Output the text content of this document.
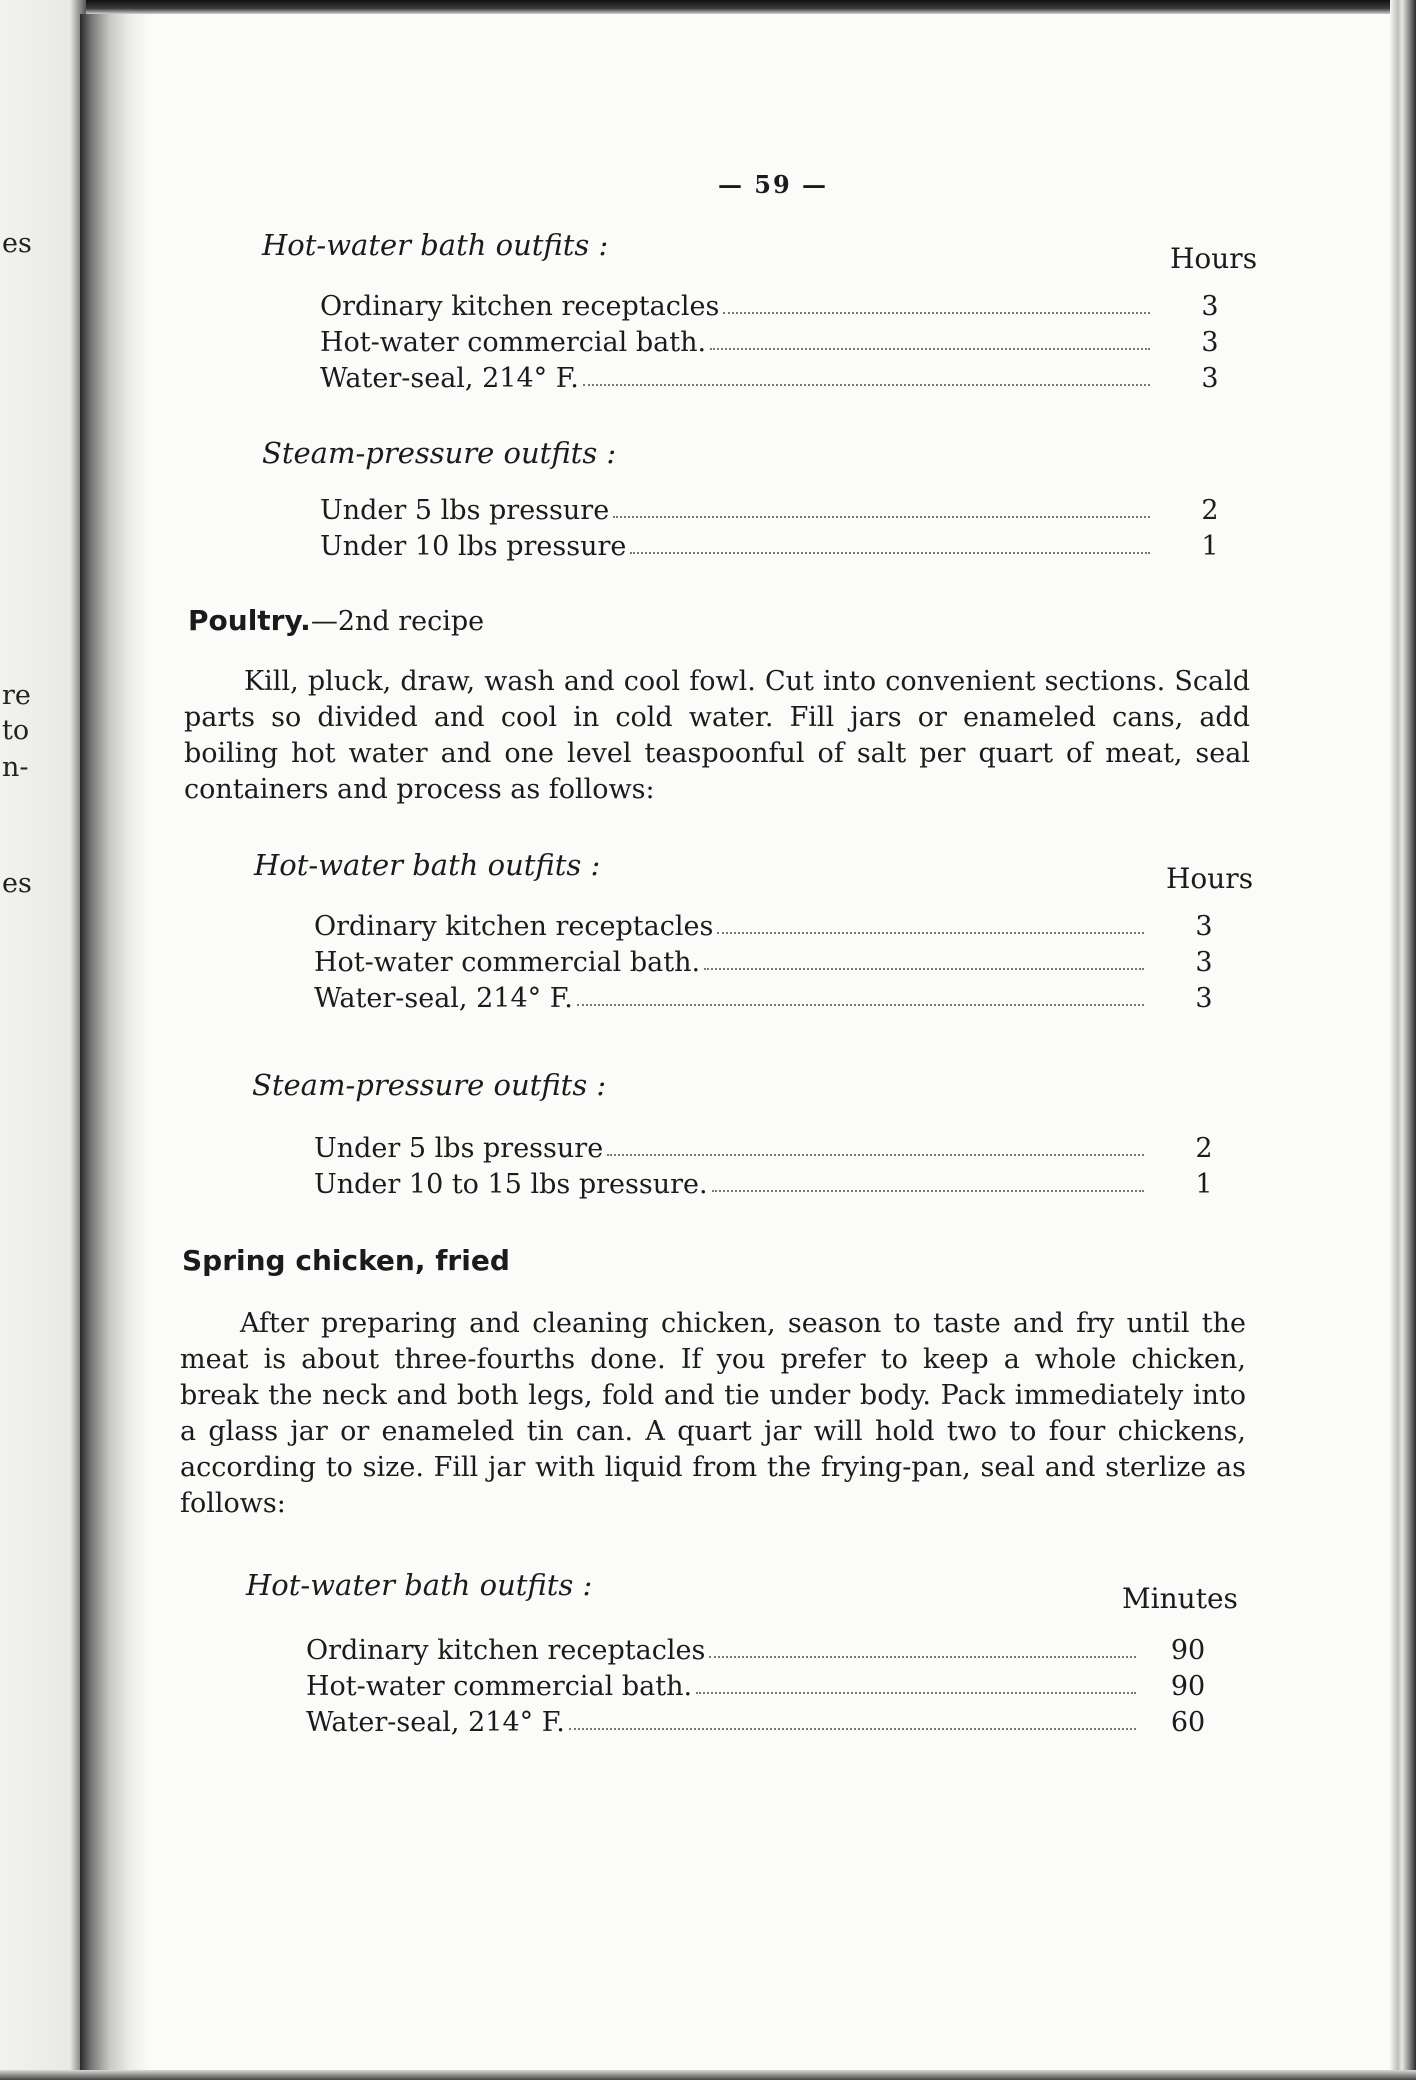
es
re
to
n-
es
— 59 —
Hot-water bath outfits :	Hours
Ordinary kitchen receptacles	3
Hot-water commercial bath.	3
Water-seal, 214° F.	3
Steam-pressure outfits :
Under 5 lbs pressure	2
Under 10 lbs pressure	1
Poultry.—2nd recipe

Kill, pluck, draw, wash and cool fowl. Cut into convenient sections. Scald parts so divided and cool in cold water. Fill jars or enameled cans, add boiling hot water and one level teaspoonful of salt per quart of meat, seal containers and process as follows:

Hot-water bath outfits :	Hours
Ordinary kitchen receptacles	3
Hot-water commercial bath.	3
Water-seal, 214° F.	3
Steam-pressure outfits :
Under 5 lbs pressure	2
Under 10 to 15 lbs pressure.	1
Spring chicken, fried

After preparing and cleaning chicken, season to taste and fry until the meat is about three-fourths done. If you prefer to keep a whole chicken, break the neck and both legs, fold and tie under body. Pack immediately into a glass jar or enameled tin can. A quart jar will hold two to four chickens, according to size. Fill jar with liquid from the frying-pan, seal and sterlize as follows:

Hot-water bath outfits :	Minutes
Ordinary kitchen receptacles	90
Hot-water commercial bath.	90
Water-seal, 214° F.	60
